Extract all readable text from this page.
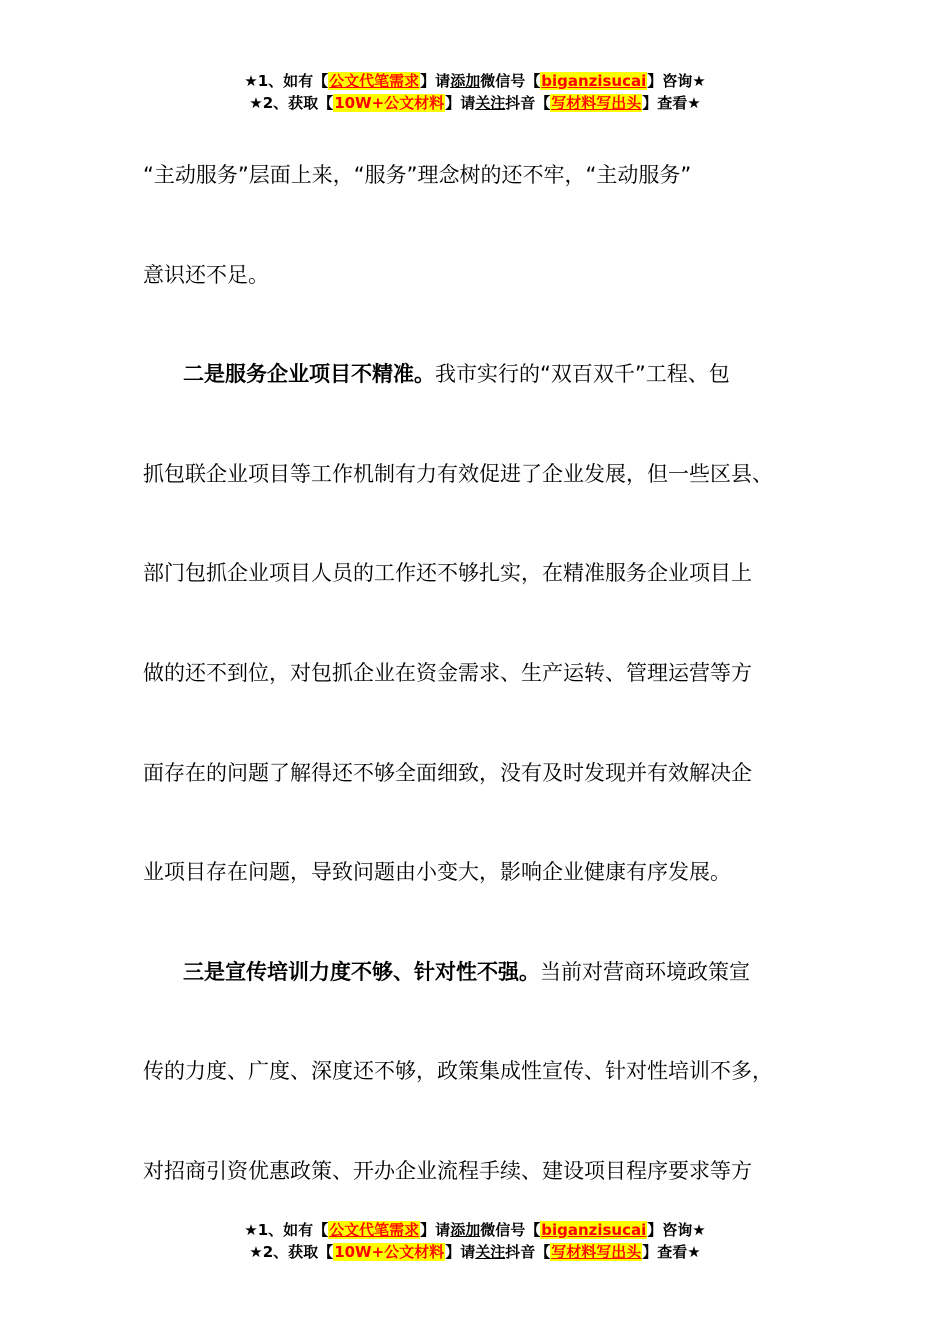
★1、如有【公文代笔需求】请添加微信号【biganzisucai】咨询★
★2、获取【10W+公文材料】请关注抖音【写材料写出头】查看★

“主动服务”层面上来，“服务”理念树的还不牢，“主动服务”

意识还不足。

二是服务企业项目不精准。我市实行的“双百双千”工程、包

抓包联企业项目等工作机制有力有效促进了企业发展，但一些区县、

部门包抓企业项目人员的工作还不够扎实，在精准服务企业项目上

做的还不到位，对包抓企业在资金需求、生产运转、管理运营等方

面存在的问题了解得还不够全面细致，没有及时发现并有效解决企

业项目存在问题，导致问题由小变大，影响企业健康有序发展。

三是宣传培训力度不够、针对性不强。当前对营商环境政策宣

传的力度、广度、深度还不够，政策集成性宣传、针对性培训不多，

对招商引资优惠政策、开办企业流程手续、建设项目程序要求等方

★1、如有【公文代笔需求】请添加微信号【biganzisucai】咨询★
★2、获取【10W+公文材料】请关注抖音【写材料写出头】查看★
